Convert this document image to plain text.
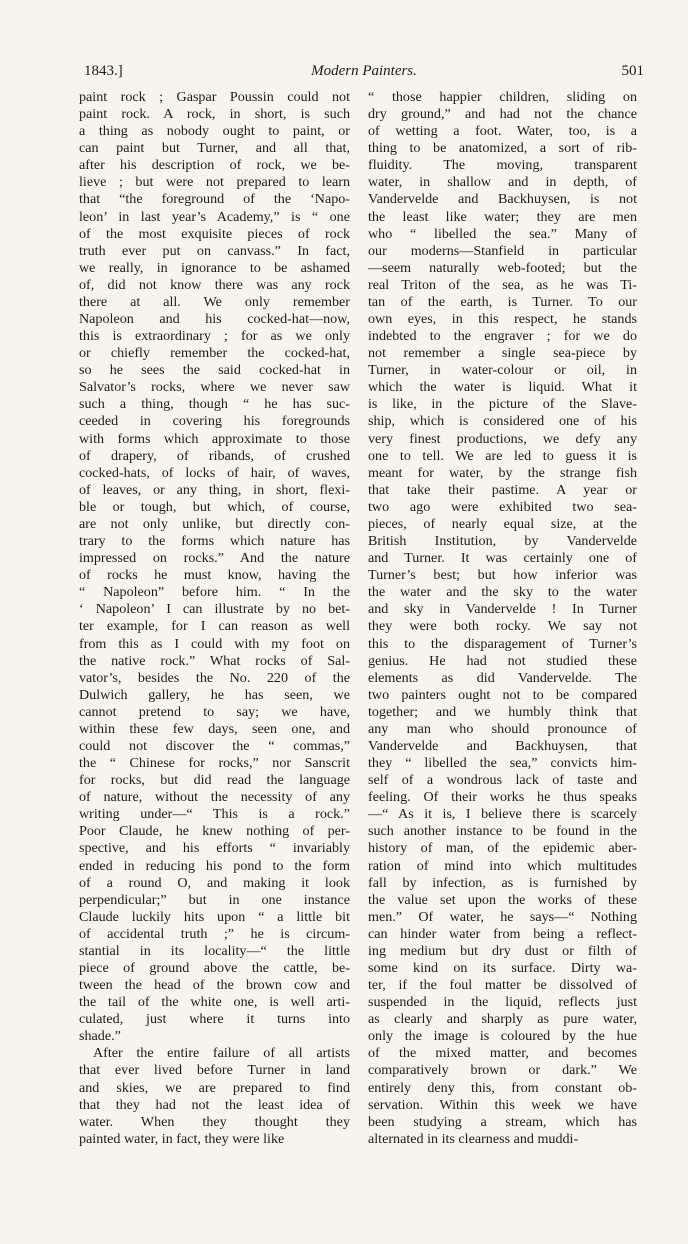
1843.]	Modern Painters.	501
paint rock ; Gaspar Poussin could not
paint rock. A rock, in short, is such
a thing as nobody ought to paint, or
can paint but Turner, and all that,
after his description of rock, we be-
lieve ; but were not prepared to learn
that “the foreground of the ‘Napo-
leon’ in last year’s Academy,” is “ one
of the most exquisite pieces of rock
truth ever put on canvass.” In fact,
we really, in ignorance to be ashamed
of, did not know there was any rock
there at all. We only remember
Napoleon and his cocked-hat—now,
this is extraordinary ; for as we only
or chiefly remember the cocked-hat,
so he sees the said cocked-hat in
Salvator’s rocks, where we never saw
such a thing, though “ he has suc-
ceeded in covering his foregrounds
with forms which approximate to those
of drapery, of ribands, of crushed
cocked-hats, of locks of hair, of waves,
of leaves, or any thing, in short, flexi-
ble or tough, but which, of course,
are not only unlike, but directly con-
trary to the forms which nature has
impressed on rocks.” And the nature
of rocks he must know, having the
“ Napoleon” before him. “ In the
‘ Napoleon’ I can illustrate by no bet-
ter example, for I can reason as well
from this as I could with my foot on
the native rock.” What rocks of Sal-
vator’s, besides the No. 220 of the
Dulwich gallery, he has seen, we
cannot pretend to say; we have,
within these few days, seen one, and
could not discover the “ commas,”
the “ Chinese for rocks,” nor Sanscrit
for rocks, but did read the language
of nature, without the necessity of any
writing under—“ This is a rock.”
Poor Claude, he knew nothing of per-
spective, and his efforts “ invariably
ended in reducing his pond to the form
of a round O, and making it look
perpendicular;” but in one instance
Claude luckily hits upon “ a little bit
of accidental truth ;” he is circum-
stantial in its locality—“ the little
piece of ground above the cattle, be-
tween the head of the brown cow and
the tail of the white one, is well arti-
culated, just where it turns into
shade.”
After the entire failure of all artists
that ever lived before Turner in land
and skies, we are prepared to find
that they had not the least idea of
water. When they thought they
painted water, in fact, they were like
“ those happier children, sliding on
dry ground,” and had not the chance
of wetting a foot. Water, too, is a
thing to be anatomized, a sort of rib-
fluidity. The moving, transparent
water, in shallow and in depth, of
Vandervelde and Backhuysen, is not
the least like water; they are men
who “ libelled the sea.” Many of
our moderns—Stanfield in particular
—seem naturally web-footed; but the
real Triton of the sea, as he was Ti-
tan of the earth, is Turner. To our
own eyes, in this respect, he stands
indebted to the engraver ; for we do
not remember a single sea-piece by
Turner, in water-colour or oil, in
which the water is liquid. What it
is like, in the picture of the Slave-
ship, which is considered one of his
very finest productions, we defy any
one to tell. We are led to guess it is
meant for water, by the strange fish
that take their pastime. A year or
two ago were exhibited two sea-
pieces, of nearly equal size, at the
British Institution, by Vandervelde
and Turner. It was certainly one of
Turner’s best; but how inferior was
the water and the sky to the water
and sky in Vandervelde ! In Turner
they were both rocky. We say not
this to the disparagement of Turner’s
genius. He had not studied these
elements as did Vandervelde. The
two painters ought not to be compared
together; and we humbly think that
any man who should pronounce of
Vandervelde and Backhuysen, that
they “ libelled the sea,” convicts him-
self of a wondrous lack of taste and
feeling. Of their works he thus speaks
—“ As it is, I believe there is scarcely
such another instance to be found in the
history of man, of the epidemic aber-
ration of mind into which multitudes
fall by infection, as is furnished by
the value set upon the works of these
men.” Of water, he says—“ Nothing
can hinder water from being a reflect-
ing medium but dry dust or filth of
some kind on its surface. Dirty wa-
ter, if the foul matter be dissolved of
suspended in the liquid, reflects just
as clearly and sharply as pure water,
only the image is coloured by the hue
of the mixed matter, and becomes
comparatively brown or dark.” We
entirely deny this, from constant ob-
servation. Within this week we have
been studying a stream, which has
alternated in its clearness and muddi-
